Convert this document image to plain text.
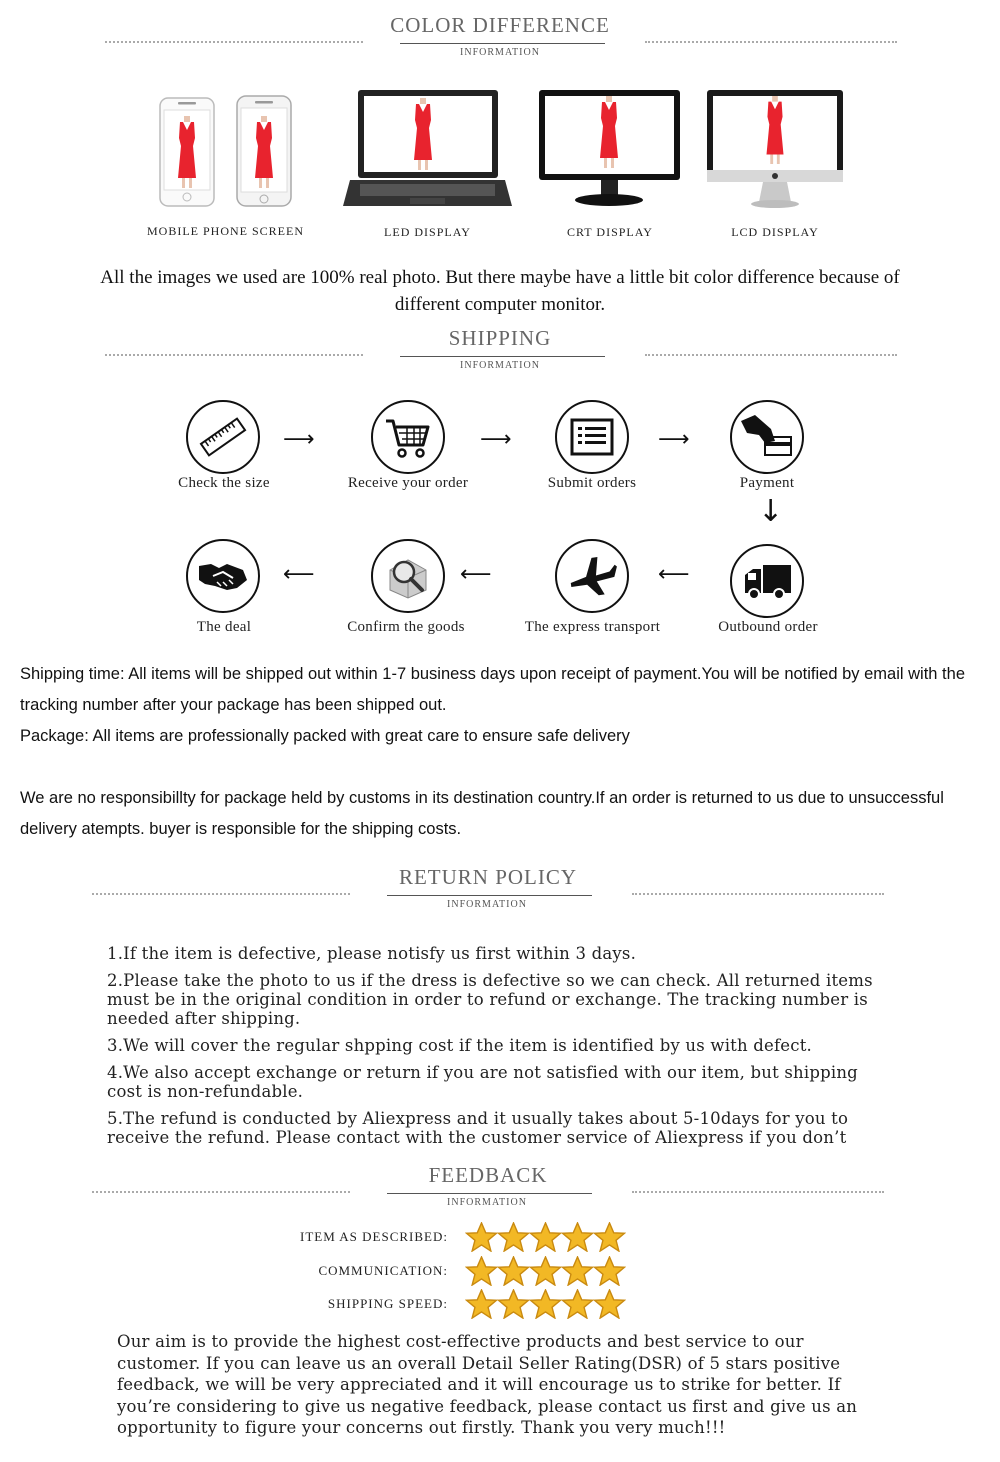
COLOR DIFFERENCE
INFORMATION
MOBILE PHONE SCREEN	LED DISPLAY	CRT DISPLAY	LCD DISPLAY
All the images we used are 100% real photo. But there maybe have a little bit color difference because of different computer monitor.
SHIPPING
INFORMATION
Check the size	Receive your order	Submit orders	Payment
⟶	⟶	⟶
↓
The deal	Confirm the goods	The express transport	Outbound order
⟵	⟵	⟵
Shipping time: All items will be shipped out within 1-7 business days upon receipt of payment.You will be notified by email with the tracking number after your package has been shipped out.
Package: All items are professionally packed with great care to ensure safe delivery
We are no responsibillty for package held by customs in its destination country.If an order is returned to us due to unsuccessful delivery atempts. buyer is responsible for the shipping costs.
RETURN POLICY
INFORMATION
1.If the item is defective, please notisfy us first within 3 days.
2.Please take the photo to us if the dress is defective so we can check. All returned items must be in the original condition in order to refund or exchange. The tracking number is needed after shipping.
3.We will cover the regular shpping cost if the item is identified by us with defect.
4.We also accept exchange or return if you are not satisfied with our item, but shipping cost is non-refundable.
5.The refund is conducted by Aliexpress and it usually takes about 5-10days for you to receive the refund. Please contact with the customer service of Aliexpress if you don’t
FEEDBACK
INFORMATION
ITEM AS DESCRIBED:
COMMUNICATION:
SHIPPING SPEED:
Our aim is to provide the highest cost-effective products and best service to our customer. If you can leave us an overall Detail Seller Rating(DSR) of 5 stars positive feedback, we will be very appreciated and it will encourage us to strike for better. If you’re considering to give us negative feedback, please contact us first and give us an opportunity to figure your concerns out firstly. Thank you very much!!!
